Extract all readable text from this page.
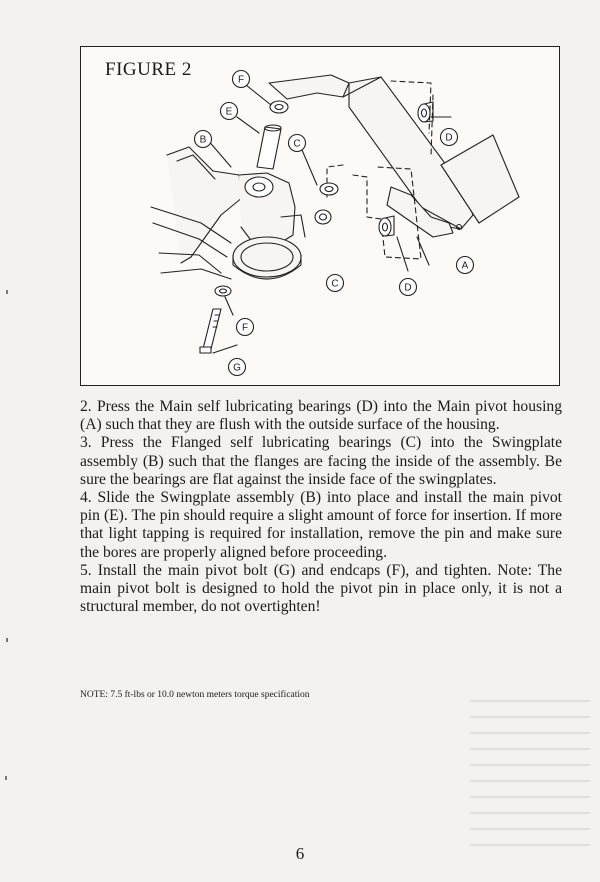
FIGURE 2
A
B	C
C
D
D
E
F
F
G

2. Press the Main self lubricating bearings (D) into the Main pivot housing (A) such that they are flush with the outside surface of the housing.

3. Press the Flanged self lubricating bearings (C) into the Swingplate assembly (B) such that the flanges are facing the inside of the assembly. Be sure the bearings are flat against the inside face of the swingplates.

4. Slide the Swingplate assembly (B) into place and install the main pivot pin (E). The pin should require a slight amount of force for insertion. If more that light tapping is required for installation, remove the pin and make sure the bores are properly aligned before proceeding.

5. Install the main pivot bolt (G) and endcaps (F), and tighten. Note: The main pivot bolt is designed to hold the pivot pin in place only, it is not a structural member, do not overtighten!

NOTE: 7.5 ft-lbs or 10.0 newton meters torque specification
6
